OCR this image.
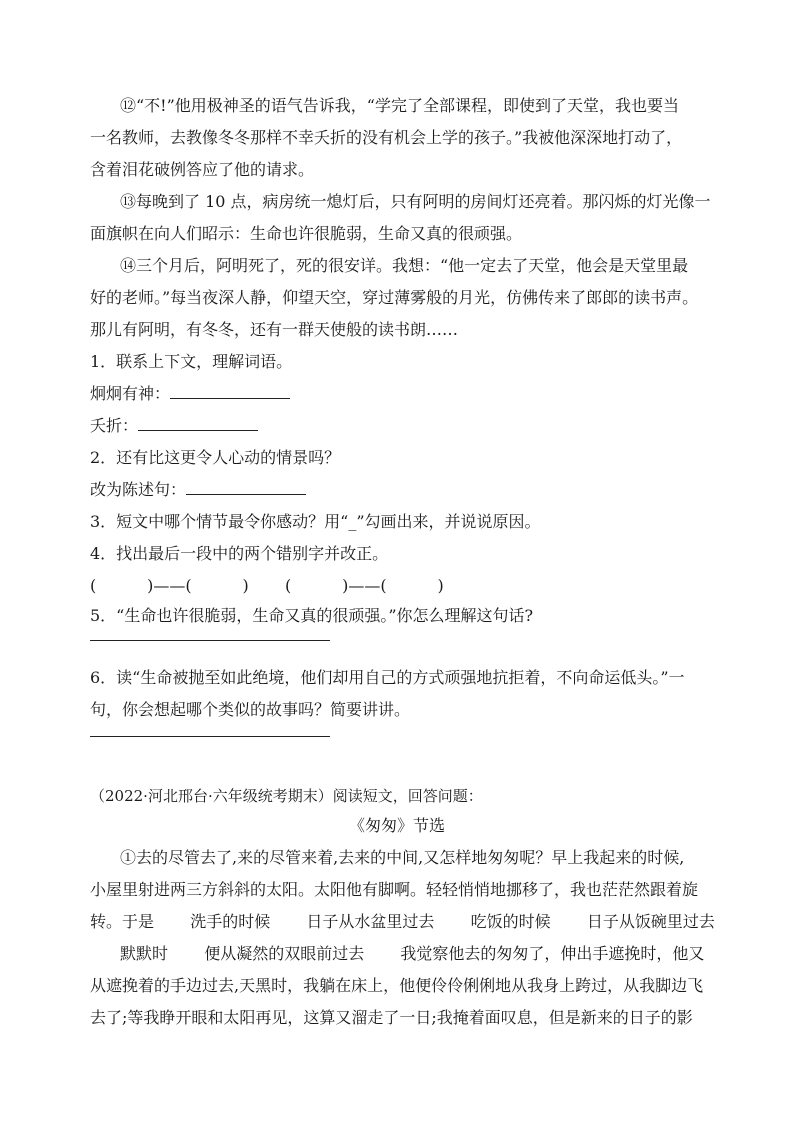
⑫“不!”他用极神圣的语气告诉我，“学完了全部课程，即使到了天堂，我也要当
一名教师，去教像冬冬那样不幸夭折的没有机会上学的孩子。”我被他深深地打动了，
含着泪花破例答应了他的请求。
⑬每晚到了 10 点，病房统一熄灯后，只有阿明的房间灯还亮着。那闪烁的灯光像一
面旗帜在向人们昭示：生命也许很脆弱，生命又真的很顽强。
⑭三个月后，阿明死了，死的很安详。我想：“他一定去了天堂，他会是天堂里最
好的老师。”每当夜深人静，仰望天空，穿过薄雾般的月光，仿佛传来了郎郎的读书声。
那儿有阿明，有冬冬，还有一群天使般的读书朗……
1．联系上下文，理解词语。
炯炯有神：
夭折：
2．还有比这更令人心动的情景吗？
改为陈述句：
3．短文中哪个情节最令你感动？用“_”勾画出来，并说说原因。
4．找出最后一段中的两个错别字并改正。
(          )——(          ) (          )——(          )
5．“生命也许很脆弱，生命又真的很顽强。”你怎么理解这句话?
6．读“生命被抛至如此绝境，他们却用自己的方式顽强地抗拒着，不向命运低头。”一
句，你会想起哪个类似的故事吗？简要讲讲。
（2022·河北邢台·六年级统考期末）阅读短文，回答问题：
《匆匆》节选
①去的尽管去了,来的尽管来着,去来的中间,又怎样地匆匆呢？早上我起来的时候,
小屋里射进两三方斜斜的太阳。太阳他有脚啊。轻轻悄悄地挪移了，我也茫茫然跟着旋
转。于是 洗手的时候 日子从水盆里过去 吃饭的时候 日子从饭碗里过去
默默时 便从凝然的双眼前过去 我觉察他去的匆匆了，伸出手遮挽时，他又
从遮挽着的手边过去,天黑时，我躺在床上，他便伶伶俐俐地从我身上跨过，从我脚边飞
去了;等我睁开眼和太阳再见，这算又溜走了一日;我掩着面叹息，但是新来的日子的影
